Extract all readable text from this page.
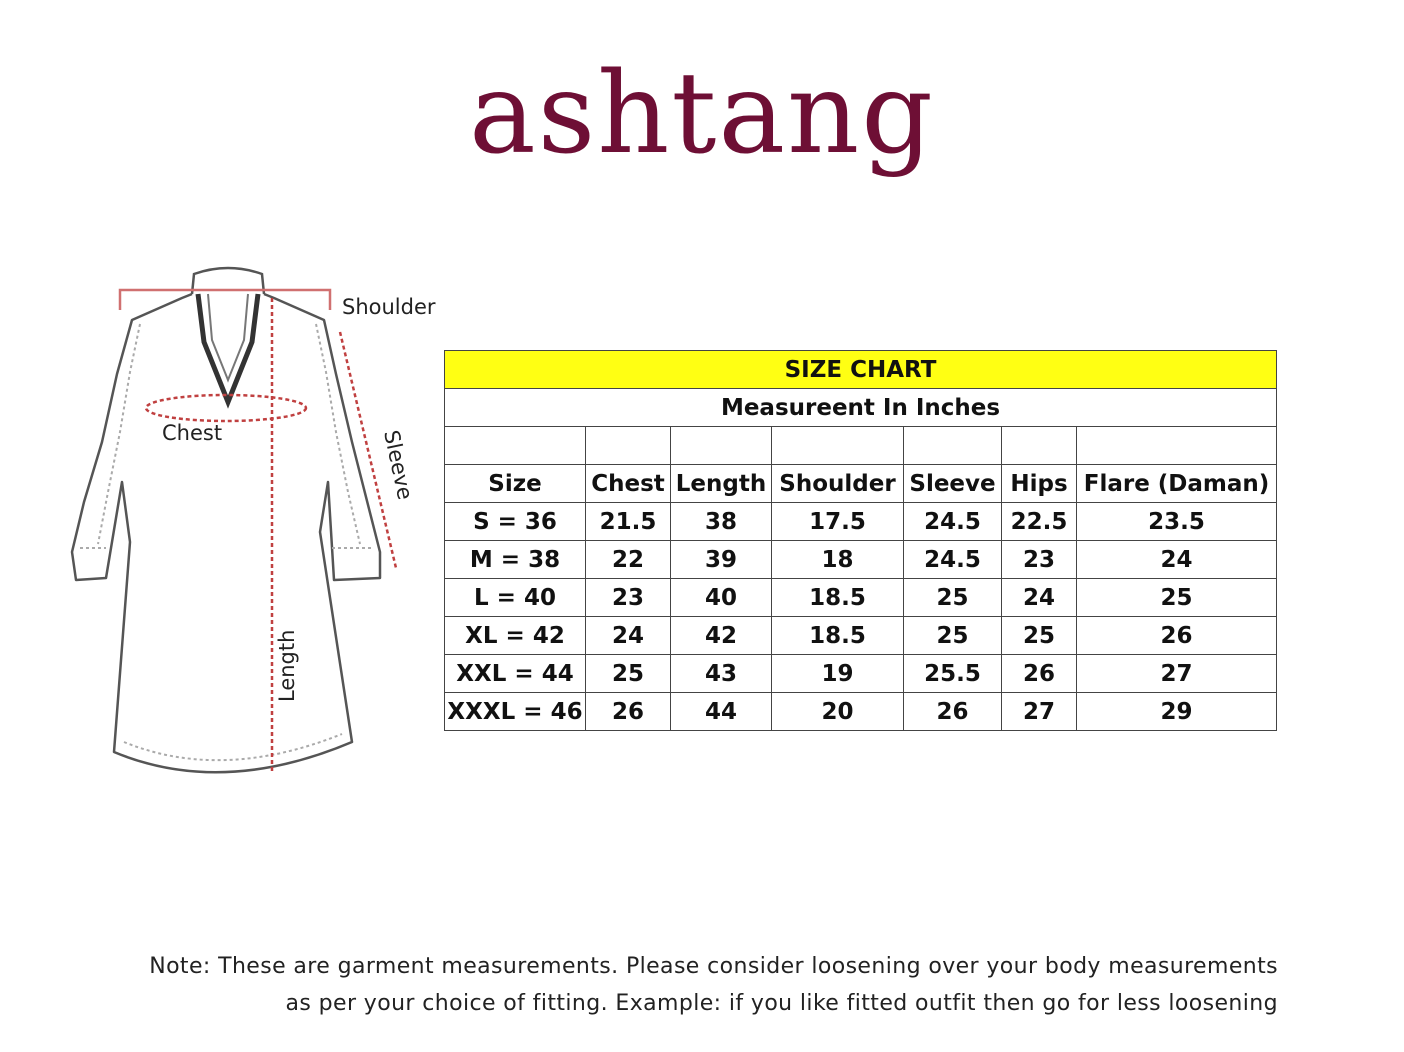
ashtang
Shoulder
Chest	Sleeve
Length
SIZE CHART						
Measureent In Inches						

Size	Chest	Length	Shoulder	Sleeve	Hips	Flare (Daman)
S = 36	21.5	38	17.5	24.5	22.5	23.5
M = 38	22	39	18	24.5	23	24
L = 40	23	40	18.5	25	24	25
XL = 42	24	42	18.5	25	25	26
XXL = 44	25	43	19	25.5	26	27
XXXL = 46	26	44	20	26	27	29
Note: These are garment measurements. Please consider loosening over your body measurements
as per your choice of fitting. Example: if you like fitted outfit then go for less loosening
